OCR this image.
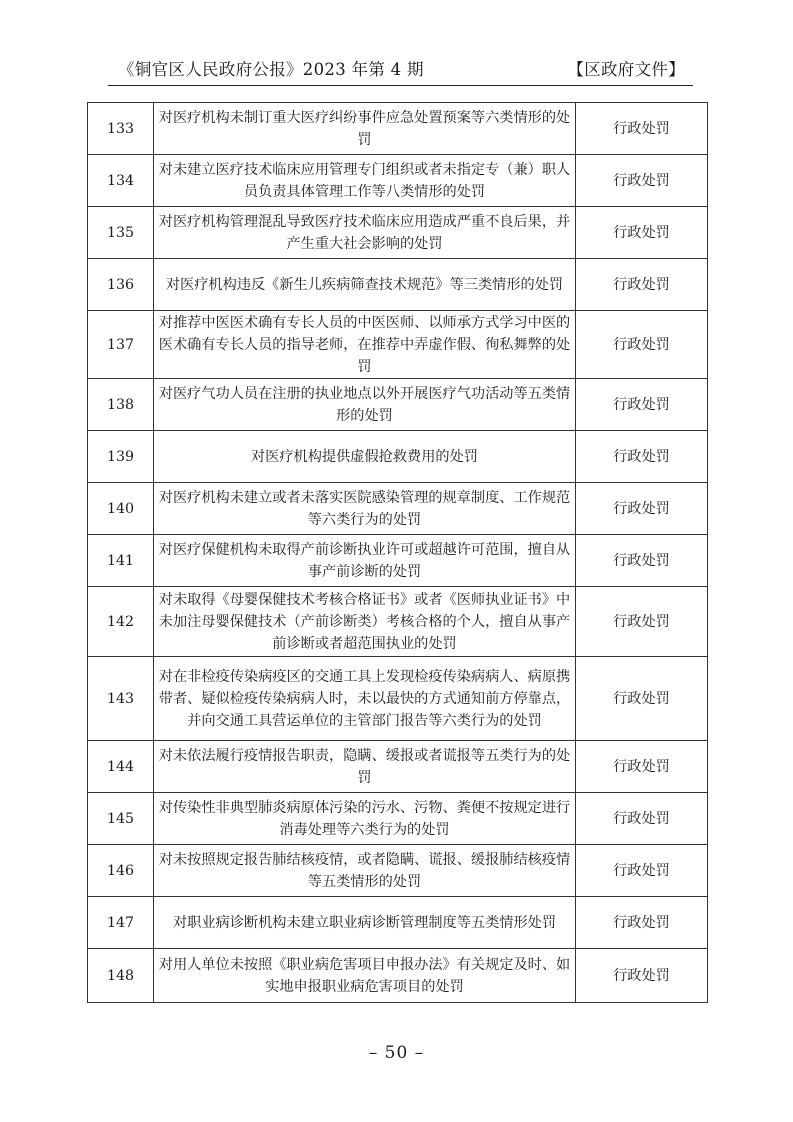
《铜官区人民政府公报》2023 年第 4 期	【区政府文件】
133	对医疗机构未制订重大医疗纠纷事件应急处置预案等六类情形的处罚	行政处罚
134	对未建立医疗技术临床应用管理专门组织或者未指定专（兼）职人员负责具体管理工作等八类情形的处罚	行政处罚
135	对医疗机构管理混乱导致医疗技术临床应用造成严重不良后果，并产生重大社会影响的处罚	行政处罚
136	对医疗机构违反《新生儿疾病筛查技术规范》等三类情形的处罚	行政处罚
137	对推荐中医医术确有专长人员的中医医师、以师承方式学习中医的医术确有专长人员的指导老师，在推荐中弄虚作假、徇私舞弊的处罚	行政处罚
138	对医疗气功人员在注册的执业地点以外开展医疗气功活动等五类情形的处罚	行政处罚
139	对医疗机构提供虚假抢救费用的处罚	行政处罚
140	对医疗机构未建立或者未落实医院感染管理的规章制度、工作规范等六类行为的处罚	行政处罚
141	对医疗保健机构未取得产前诊断执业许可或超越许可范围，擅自从事产前诊断的处罚	行政处罚
142	对未取得《母婴保健技术考核合格证书》或者《医师执业证书》中未加注母婴保健技术（产前诊断类）考核合格的个人，擅自从事产前诊断或者超范围执业的处罚	行政处罚
143	对在非检疫传染病疫区的交通工具上发现检疫传染病病人、病原携带者、疑似检疫传染病病人时，未以最快的方式通知前方停靠点，并向交通工具营运单位的主管部门报告等六类行为的处罚	行政处罚
144	对未依法履行疫情报告职责，隐瞒、缓报或者谎报等五类行为的处罚	行政处罚
145	对传染性非典型肺炎病原体污染的污水、污物、粪便不按规定进行消毒处理等六类行为的处罚	行政处罚
146	对未按照规定报告肺结核疫情，或者隐瞒、谎报、缓报肺结核疫情等五类情形的处罚	行政处罚
147	对职业病诊断机构未建立职业病诊断管理制度等五类情形处罚	行政处罚
148	对用人单位未按照《职业病危害项目申报办法》有关规定及时、如实地申报职业病危害项目的处罚	行政处罚
– 50 –
